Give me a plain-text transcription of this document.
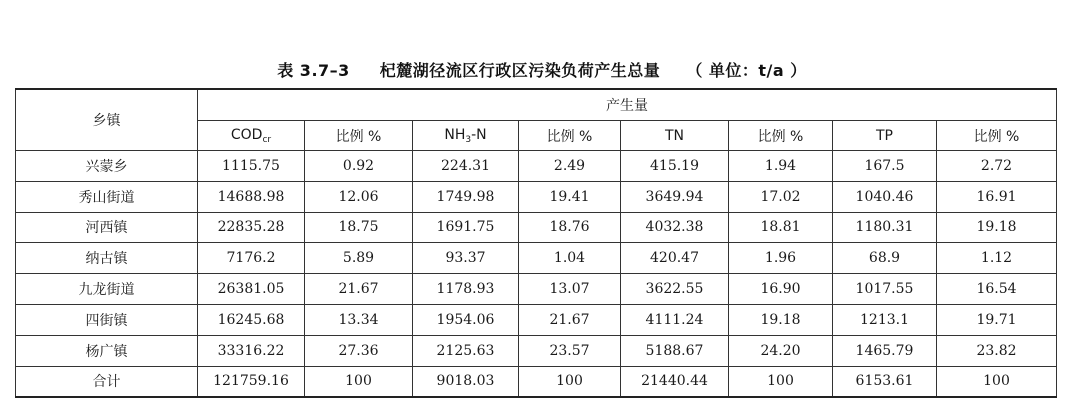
表 3.7–3 杞麓湖径流区行政区污染负荷产生总量 （ 单位：t/a ）
乡镇	产生量							
	$COD_{cr}$	比例 %	$NH_3-N$	比例 %	TN	比例 %	TP	比例 %
兴蒙乡	1115.75	0.92	224.31	2.49	415.19	1.94	167.5	2.72
秀山街道	14688.98	12.06	1749.98	19.41	3649.94	17.02	1040.46	16.91
河西镇	22835.28	18.75	1691.75	18.76	4032.38	18.81	1180.31	19.18
纳古镇	7176.2	5.89	93.37	1.04	420.47	1.96	68.9	1.12
九龙街道	26381.05	21.67	1178.93	13.07	3622.55	16.90	1017.55	16.54
四街镇	16245.68	13.34	1954.06	21.67	4111.24	19.18	1213.1	19.71
杨广镇	33316.22	27.36	2125.63	23.57	5188.67	24.20	1465.79	23.82
合计	121759.16	100	9018.03	100	21440.44	100	6153.61	100
